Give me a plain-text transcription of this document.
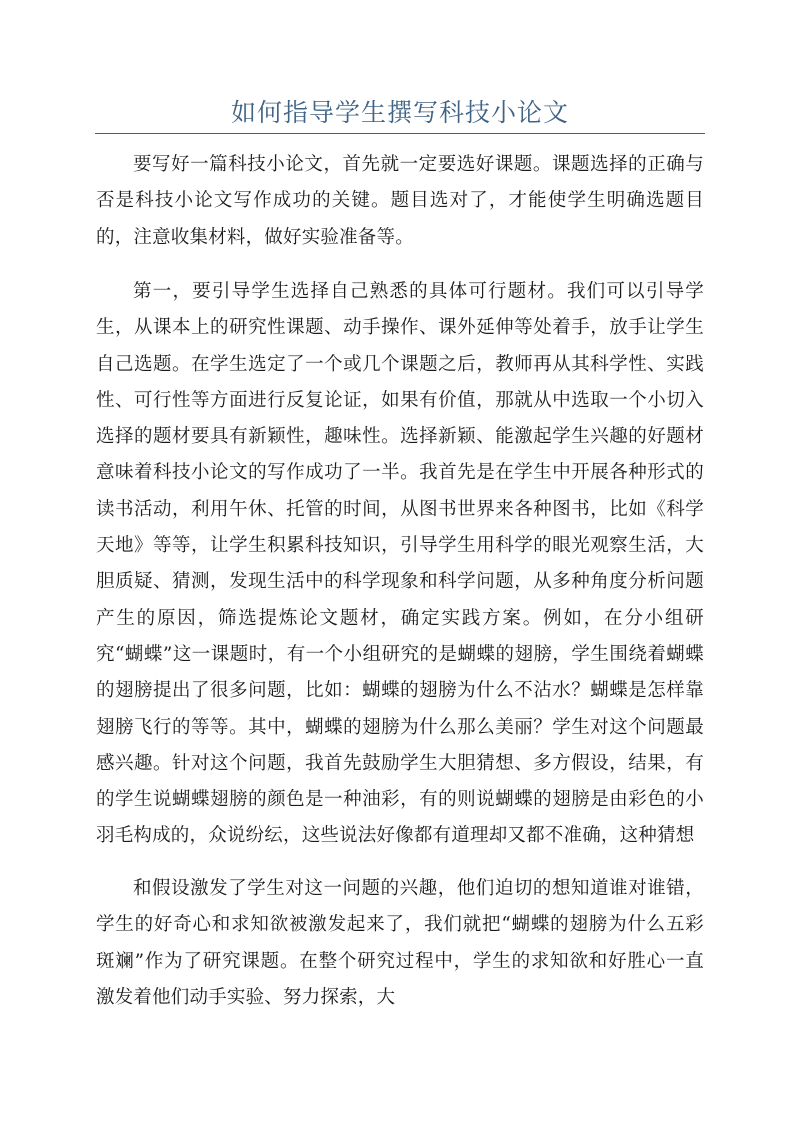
如何指导学生撰写科技小论文

要写好一篇科技小论文，首先就一定要选好课题。课题选择的正确与否是科技小论文写作成功的关键。题目选对了，才能使学生明确选题目的，注意收集材料，做好实验准备等。

第一，要引导学生选择自己熟悉的具体可行题材。我们可以引导学生，从课本上的研究性课题、动手操作、课外延伸等处着手，放手让学生自己选题。在学生选定了一个或几个课题之后，教师再从其科学性、实践性、可行性等方面进行反复论证，如果有价值，那就从中选取一个小切入选择的题材要具有新颖性，趣味性。选择新颖、能激起学生兴趣的好题材意味着科技小论文的写作成功了一半。我首先是在学生中开展各种形式的读书活动，利用午休、托管的时间，从图书世界来各种图书，比如《科学天地》等等，让学生积累科技知识，引导学生用科学的眼光观察生活，大胆质疑、猜测，发现生活中的科学现象和科学问题，从多种角度分析问题产生的原因，筛选提炼论文题材，确定实践方案。例如，在分小组研究“蝴蝶”这一课题时，有一个小组研究的是蝴蝶的翅膀，学生围绕着蝴蝶的翅膀提出了很多问题，比如：蝴蝶的翅膀为什么不沾水？蝴蝶是怎样靠翅膀飞行的等等。其中，蝴蝶的翅膀为什么那么美丽？学生对这个问题最感兴趣。针对这个问题，我首先鼓励学生大胆猜想、多方假设，结果，有的学生说蝴蝶翅膀的颜色是一种油彩，有的则说蝴蝶的翅膀是由彩色的小羽毛构成的，众说纷纭，这些说法好像都有道理却又都不准确，这种猜想

和假设激发了学生对这一问题的兴趣，他们迫切的想知道谁对谁错，学生的好奇心和求知欲被激发起来了，我们就把“蝴蝶的翅膀为什么五彩斑斓”作为了研究课题。在整个研究过程中，学生的求知欲和好胜心一直激发着他们动手实验、努力探索，大
